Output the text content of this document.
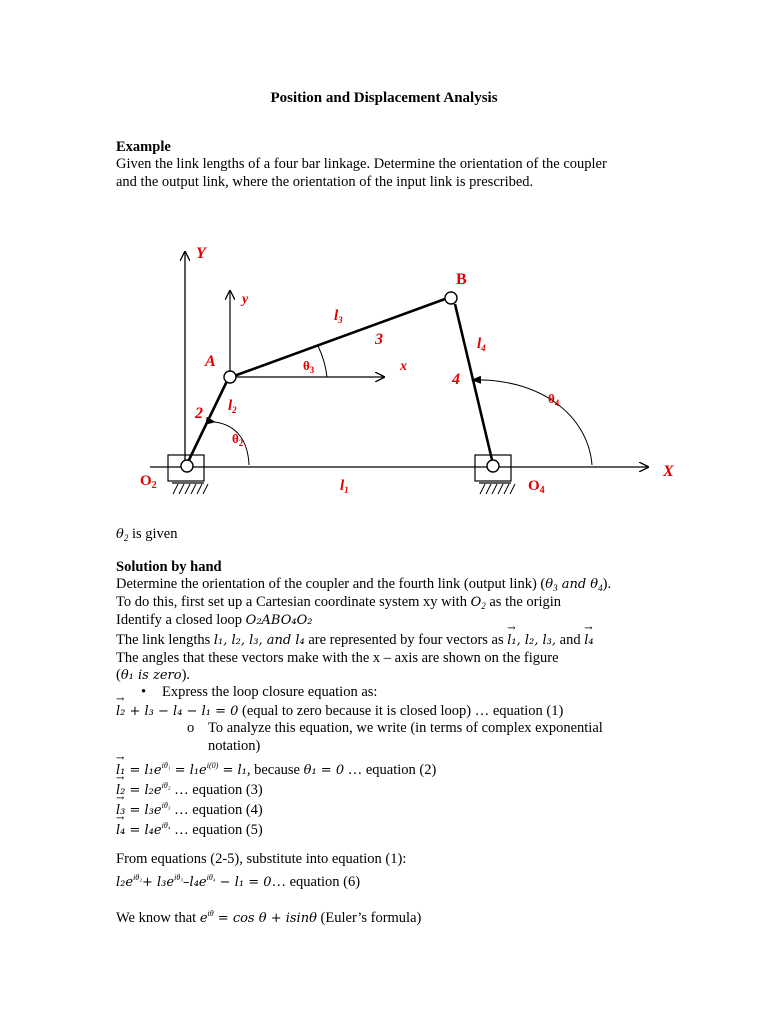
Position and Displacement Analysis
Example
Given the link lengths of a four bar linkage. Determine the orientation of the coupler
and the output link, where the orientation of the input link is prescribed.
Y
B
A
X
2
3
4
y
x
$O_2$	$O_4$
$l_1$
$l_2$
$l_3$
$l_4$
$\theta_2$
$\theta_3$
$\theta_4$
$\theta_2$ is given
Solution by hand
Determine the orientation of the coupler and the fourth link (output link) ($\theta_3$ and $\theta_4$).
To do this, first set up a Cartesian coordinate system xy with $O_2$ as the origin
Identify a closed loop O₂ABO₄O₂
The link lengths l₁, l₂, l₃, and l₄ are represented by four vectors as → l₁, l₂, l₃, and → l₄
The angles that these vectors make with the x – axis are shown on the figure
(θ₁ is zero).
• Express the loop closure equation as:
→ l₂ + l₃ − l₄ − l₁ = 0 (equal to zero because it is closed loop) … equation (1)
o To analyze this equation, we write (in terms of complex exponential
notation)
→ $l_1 = l_1e^{i\theta_1} = l_1e^{i(0)} = l_1$, because θ₁ = 0 … equation (2)
→ $l_2 = l_2e^{i\theta_2}$ … equation (3)
→ $l_3 = l_3e^{i\theta_3}$ … equation (4)
→ $l_4 = l_4e^{i\theta_4}$ … equation (5)
From equations (2-5), substitute into equation (1):
$l_2e^{i\theta_2}+ l_3e^{i\theta_3}-l_4e^{i\theta_4} - l_1$ = 0… equation (6)
We know that $e^{i\theta} = \cos \theta + isin\theta$ (Euler’s formula)
